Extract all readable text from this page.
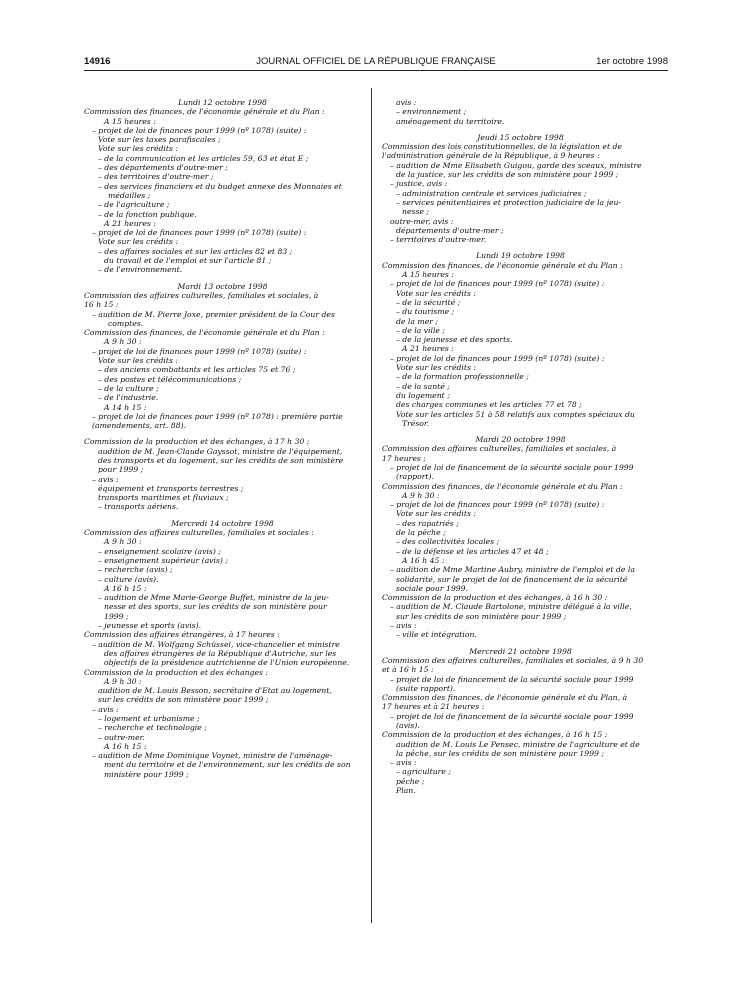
14916	JOURNAL OFFICIEL DE LA RÉPUBLIQUE FRANÇAISE	1er octobre 1998
Lundi 12 octobre 1998
Commission des finances, de l'économie générale et du Plan :
A 15 heures :
– projet de loi de finances pour 1999 (nº 1078) (suite) :
Vote sur les taxes parafiscales ;
Vote sur les crédits :
– de la communication et les articles 59, 63 et état E ;
– des départements d'outre-mer ;
– des territoires d'outre-mer ;
– des services financiers et du budget annexe des Monnaies et
médailles ;
– de l'agriculture ;
– de la fonction publique.
A 21 heures :
– projet de loi de finances pour 1999 (nº 1078) (suite) :
Vote sur les crédits :
– des affaires sociales et sur les articles 82 et 83 ;
du travail et de l'emploi et sur l'article 81 ;
– de l'environnement.
Mardi 13 octobre 1998
Commission des affaires culturelles, familiales et sociales, à
16 h 15 :
– audition de M. Pierre Joxe, premier président de la Cour des
comptes.
Commission des finances, de l'économie générale et du Plan :
A 9 h 30 :
– projet de loi de finances pour 1999 (nº 1078) (suite) :
Vote sur les crédits :
– des anciens combattants et les articles 75 et 76 ;
– des postes et télécommunications ;
– de la culture ;
– de l'industrie.
A 14 h 15 :
– projet de loi de finances pour 1999 (nº 1078) : première partie
(amendements, art. 88).
Commission de la production et des échanges, à 17 h 30 :
audition de M. Jean-Claude Gayssot, ministre de l'équipement,
des transports et du logement, sur les crédits de son ministère
pour 1999 ;
– avis :
équipement et transports terrestres ;
transports maritimes et fluviaux ;
– transports aériens.
Mercredi 14 octobre 1998
Commission des affaires culturelles, familiales et sociales :
A 9 h 30 :
– enseignement scolaire (avis) ;
– enseignement supérieur (avis) ;
– recherche (avis) ;
– culture (avis).
A 16 h 15 :
– audition de Mme Marie-George Buffet, ministre de la jeu-
nesse et des sports, sur les crédits de son ministère pour
1999 ;
– jeunesse et sports (avis).
Commission des affaires étrangères, à 17 heures :
– audition de M. Wolfgang Schüssel, vice-chancelier et ministre
des affaires étrangères de la République d'Autriche, sur les
objectifs de la présidence autrichienne de l'Union européenne.
Commission de la production et des échanges :
A 9 h 30 :
audition de M. Louis Besson, secrétaire d'Etat au logement,
sur les crédits de son ministère pour 1999 ;
– avis :
– logement et urbanisme ;
– recherche et technologie ;
– outre-mer.
A 16 h 15 :
– audition de Mme Dominique Voynet, ministre de l'aménage-
ment du territoire et de l'environnement, sur les crédits de son
ministère pour 1999 ;
avis :
– environnement ;
aménagement du territoire.
Jeudi 15 octobre 1998
Commission des lois constitutionnelles, de la législation et de
l'administration générale de la République, à 9 heures :
– audition de Mme Elisabeth Guigou, garde des sceaux, ministre
de la justice, sur les crédits de son ministère pour 1999 ;
– justice, avis :
– administration centrale et services judiciaires ;
– services pénitentiaires et protection judiciaire de la jeu-
nesse ;
outre-mer, avis :
départements d'outre-mer ;
– territoires d'outre-mer.
Lundi 19 octobre 1998
Commission des finances, de l'économie générale et du Plan :
A 15 heures :
– projet de loi de finances pour 1999 (nº 1078) (suite) :
Vote sur les crédits :
– de la sécurité ;
– du tourisme ;
de la mer ;
– de la ville ;
– de la jeunesse et des sports.
A 21 heures :
– projet de loi de finances pour 1999 (nº 1078) (suite) :
Vote sur les crédits :
– de la formation professionnelle ;
– de la santé ;
du logement ;
des charges communes et les articles 77 et 78 ;
Vote sur les articles 51 à 58 relatifs aux comptes spéciaux du
Trésor.
Mardi 20 octobre 1998
Commission des affaires culturelles, familiales et sociales, à
17 heures :
– projet de loi de financement de la sécurité sociale pour 1999
(rapport).
Commission des finances, de l'économie générale et du Plan :
A 9 h 30 :
– projet de loi de finances pour 1999 (nº 1078) (suite) :
Vote sur les crédits :
– des rapatriés ;
de la pêche ;
– des collectivités locales ;
– de la défense et les articles 47 et 48 ;
A 16 h 45 :
– audition de Mme Martine Aubry, ministre de l'emploi et de la
solidarité, sur le projet de loi de financement de la sécurité
sociale pour 1999.
Commission de la production et des échanges, à 16 h 30 :
– audition de M. Claude Bartolone, ministre délégué à la ville,
sur les crédits de son ministère pour 1999 ;
– avis :
– ville et intégration.
Mercredi 21 octobre 1998
Commission des affaires culturelles, familiales et sociales, à 9 h 30
et à 16 h 15 :
– projet de loi de financement de la sécurité sociale pour 1999
(suite rapport).
Commission des finances, de l'économie générale et du Plan, à
17 heures et à 21 heures :
– projet de loi de financement de la sécurité sociale pour 1999
(avis).
Commission de la production et des échanges, à 16 h 15 :
audition de M. Louis Le Pensec, ministre de l'agriculture et de
la pêche, sur les crédits de son ministère pour 1999 ;
– avis :
– agriculture ;
pêche ;
Plan.
